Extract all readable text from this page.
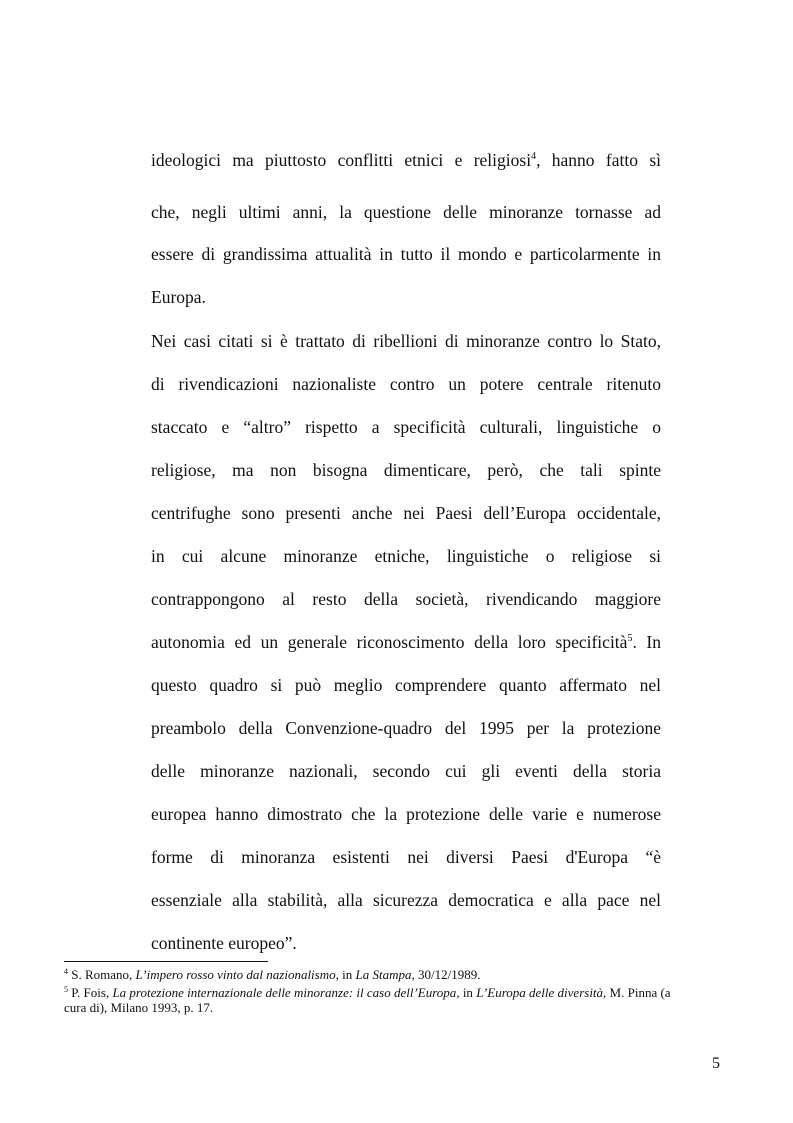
ideologici ma piuttosto conflitti etnici e religiosi$^4$, hanno fatto sì
che, negli ultimi anni, la questione delle minoranze tornasse ad
essere di grandissima attualità in tutto il mondo e particolarmente in
Europa.
Nei casi citati si è trattato di ribellioni di minoranze contro lo Stato,
di rivendicazioni nazionaliste contro un potere centrale ritenuto
staccato e “altro” rispetto a specificità culturali, linguistiche o
religiose, ma non bisogna dimenticare, però, che tali spinte
centrifughe sono presenti anche nei Paesi dell’Europa occidentale,
in cui alcune minoranze etniche, linguistiche o religiose si
contrappongono al resto della società, rivendicando maggiore
autonomia ed un generale riconoscimento della loro specificità$^5$. In
questo quadro si può meglio comprendere quanto affermato nel
preambolo della Convenzione-quadro del 1995 per la protezione
delle minoranze nazionali, secondo cui gli eventi della storia
europea hanno dimostrato che la protezione delle varie e numerose
forme di minoranza esistenti nei diversi Paesi d'Europa “è
essenziale alla stabilità, alla sicurezza democratica e alla pace nel
continente europeo”.
$^4$ S. Romano, L’impero rosso vinto dal nazionalismo, in La Stampa, 30/12/1989.
$^5$ P. Fois, La protezione internazionale delle minoranze: il caso dell’Europa, in L’Europa delle diversità, M. Pinna (a
cura di), Milano 1993, p. 17.
5
